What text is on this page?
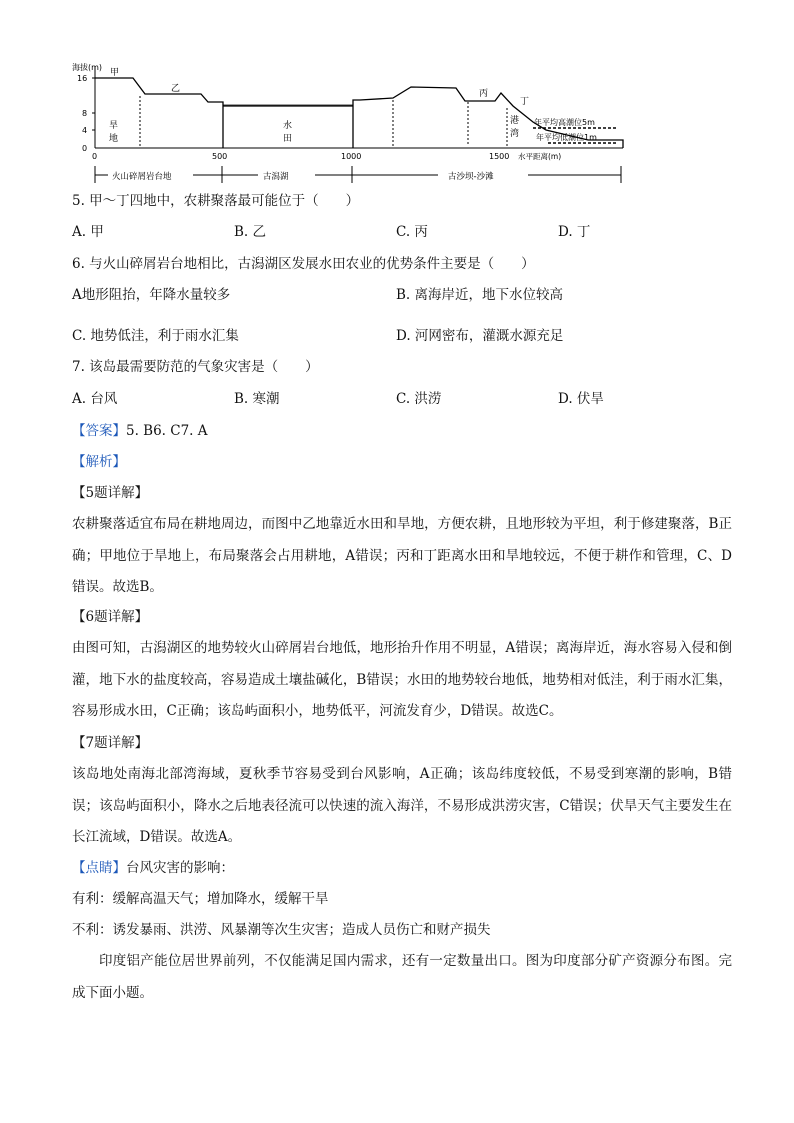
海拔(m)
16
8
4
0
0	500	1000	1500 水平距离(m)
甲
乙	丙
丁
旱地	水田	港湾 年平均高潮位5m
年平均低潮位1m
火山碎屑岩台地	古潟湖	古沙坝-沙滩
5. 甲～丁四地中，农耕聚落最可能位于（　　）
A. 甲	B. 乙	C. 丙	D. 丁
6. 与火山碎屑岩台地相比，古潟湖区发展水田农业的优势条件主要是（　　）
A地形阻抬，年降水量较多	B. 离海岸近，地下水位较高
C. 地势低洼，利于雨水汇集	D. 河网密布，灌溉水源充足
7. 该岛最需要防范的气象灾害是（　　）
A. 台风	B. 寒潮	C. 洪涝	D. 伏旱
【答案】5. B6. C7. A
【解析】
【5题详解】
农耕聚落适宜布局在耕地周边，而图中乙地靠近水田和旱地，方便农耕，且地形较为平坦，利于修建聚落，B正确；甲地位于旱地上，布局聚落会占用耕地，A错误；丙和丁距离水田和旱地较远，不便于耕作和管理，C、D错误。故选B。
【6题详解】
由图可知，古潟湖区的地势较火山碎屑岩台地低，地形抬升作用不明显，A错误；离海岸近，海水容易入侵和倒灌，地下水的盐度较高，容易造成土壤盐碱化，B错误；水田的地势较台地低，地势相对低洼，利于雨水汇集，容易形成水田，C正确；该岛屿面积小，地势低平，河流发育少，D错误。故选C。
【7题详解】
该岛地处南海北部湾海域，夏秋季节容易受到台风影响，A正确；该岛纬度较低，不易受到寒潮的影响，B错误；该岛屿面积小，降水之后地表径流可以快速的流入海洋，不易形成洪涝灾害，C错误；伏旱天气主要发生在长江流域，D错误。故选A。
【点睛】台风灾害的影响：
有利：缓解高温天气；增加降水，缓解干旱
不利：诱发暴雨、洪涝、风暴潮等次生灾害；造成人员伤亡和财产损失
印度铝产能位居世界前列，不仅能满足国内需求，还有一定数量出口。图为印度部分矿产资源分布图。完成下面小题。
